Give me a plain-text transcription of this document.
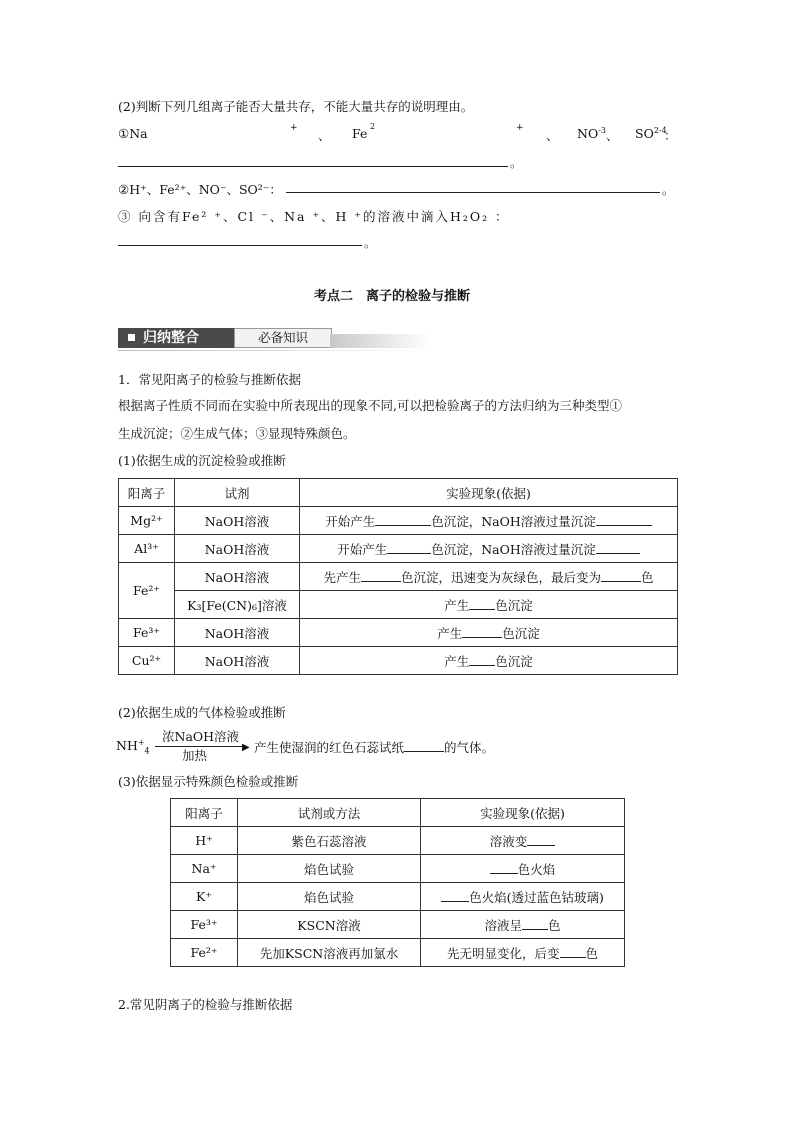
(2)判断下列几组离子能否大量共存，不能大量共存的说明理由。
①Na	+ 、 Fe 2	+ 、 $NO^{-3}$ 、 SO$^{2-4}$
：
。
②H⁺、Fe²⁺、NO⁻、SO²⁻：	。
③ 向含有Fe² ⁺、Cl ⁻、Na ⁺、H ⁺的溶液中滴入H₂O₂ ：
。
考点二　离子的检验与推断
归纳整合	必备知识
1．常见阳离子的检验与推断依据
根据离子性质不同而在实验中所表现出的现象不同,可以把检验离子的方法归纳为三种类型①
生成沉淀；②生成气体；③显现特殊颜色。
(1)依据生成的沉淀检验或推断
阳离子	试剂	实验现象(依据)
Mg²⁺	NaOH溶液	开始产生 色沉淀，NaOH溶液过量沉淀
Al³⁺	NaOH溶液	开始产生 色沉淀，NaOH溶液过量沉淀
Fe²⁺	NaOH溶液	先产生 色沉淀，迅速变为灰绿色，最后变为 色
	K₃[Fe(CN)₆]溶液	产生 色沉淀
Fe³⁺	NaOH溶液	产生 色沉淀
Cu²⁺	NaOH溶液	产生 色沉淀
(2)依据生成的气体检验或推断
$NH^+_4$
浓NaOH溶液
▶
加热
产生使湿润的红色石蕊试纸	的气体。
(3)依据显示特殊颜色检验或推断
阳离子	试剂或方法	实验现象(依据)
H⁺	紫色石蕊溶液	溶液变
Na⁺	焰色试验	色火焰
K⁺	焰色试验	色火焰(透过蓝色钴玻璃)
Fe³⁺	KSCN溶液	溶液呈 色
Fe²⁺	先加KSCN溶液再加氯水	先无明显变化，后变 色
2.常见阴离子的检验与推断依据
